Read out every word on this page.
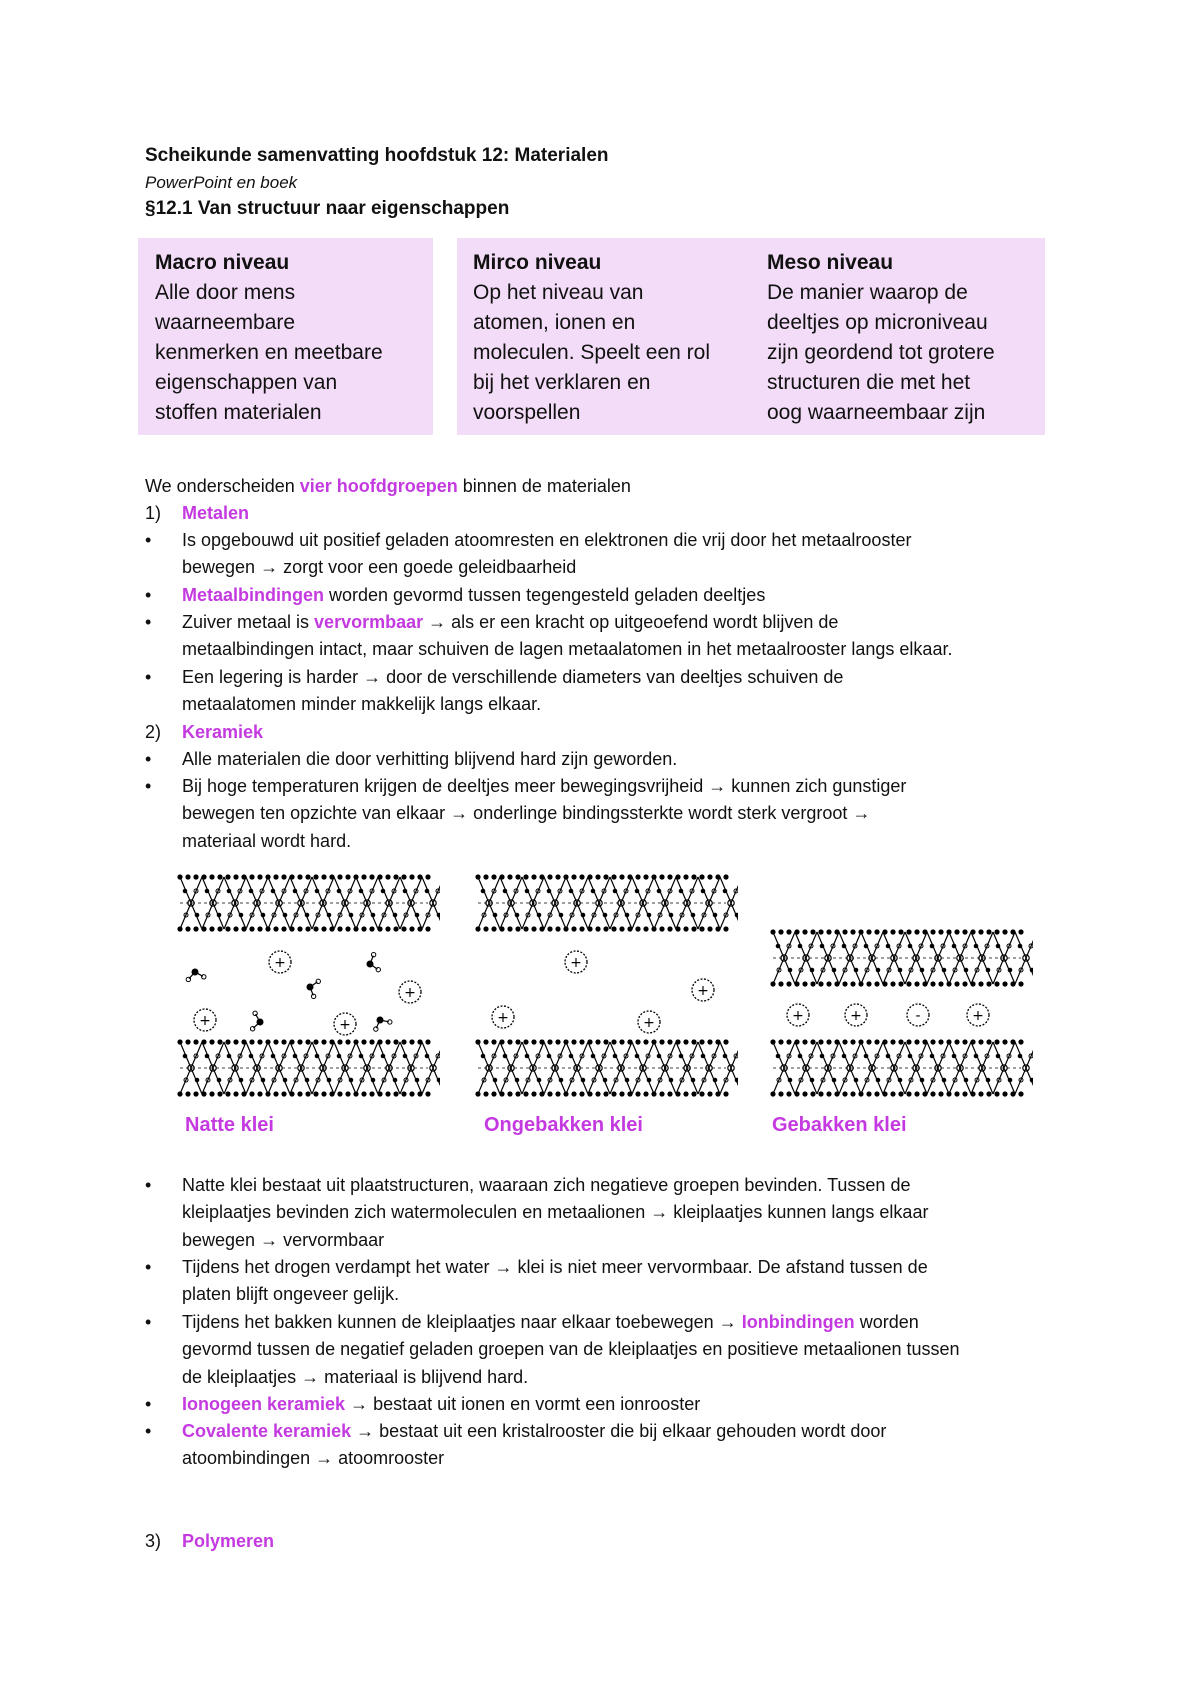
Scheikunde samenvatting hoofdstuk 12: Materialen
PowerPoint en boek
§12.1 Van structuur naar eigenschappen
Macro niveau
Alle door mens
waarneembare
kenmerken en meetbare
eigenschappen van
stoffen materialen
Mirco niveau
Op het niveau van
atomen, ionen en
moleculen. Speelt een rol
bij het verklaren en
voorspellen
Meso niveau
De manier waarop de
deeltjes op microniveau
zijn geordend tot grotere
structuren die met het
oog waarneembaar zijn
We onderscheiden vier hoofdgroepen binnen de materialen
1) Metalen
• Is opgebouwd uit positief geladen atoomresten en elektronen die vrij door het metaalrooster
bewegen → zorgt voor een goede geleidbaarheid
• Metaalbindingen worden gevormd tussen tegengesteld geladen deeltjes
• Zuiver metaal is vervormbaar → als er een kracht op uitgeoefend wordt blijven de
metaalbindingen intact, maar schuiven de lagen metaalatomen in het metaalrooster langs elkaar.
• Een legering is harder → door de verschillende diameters van deeltjes schuiven de
metaalatomen minder makkelijk langs elkaar.
2) Keramiek
• Alle materialen die door verhitting blijvend hard zijn geworden.
• Bij hoge temperaturen krijgen de deeltjes meer bewegingsvrijheid → kunnen zich gunstiger
bewegen ten opzichte van elkaar → onderlinge bindingssterkte wordt sterk vergroot →
materiaal wordt hard.
+
+
+	+
+
+
+	+	+	+	-	+
Natte klei	Ongebakken klei	Gebakken klei
• Natte klei bestaat uit plaatstructuren, waaraan zich negatieve groepen bevinden. Tussen de
kleiplaatjes bevinden zich watermoleculen en metaalionen → kleiplaatjes kunnen langs elkaar
bewegen → vervormbaar
• Tijdens het drogen verdampt het water → klei is niet meer vervormbaar. De afstand tussen de
platen blijft ongeveer gelijk.
• Tijdens het bakken kunnen de kleiplaatjes naar elkaar toebewegen → Ionbindingen worden
gevormd tussen de negatief geladen groepen van de kleiplaatjes en positieve metaalionen tussen
de kleiplaatjes → materiaal is blijvend hard.
• Ionogeen keramiek → bestaat uit ionen en vormt een ionrooster
• Covalente keramiek → bestaat uit een kristalrooster die bij elkaar gehouden wordt door
atoombindingen → atoomrooster
3) Polymeren
